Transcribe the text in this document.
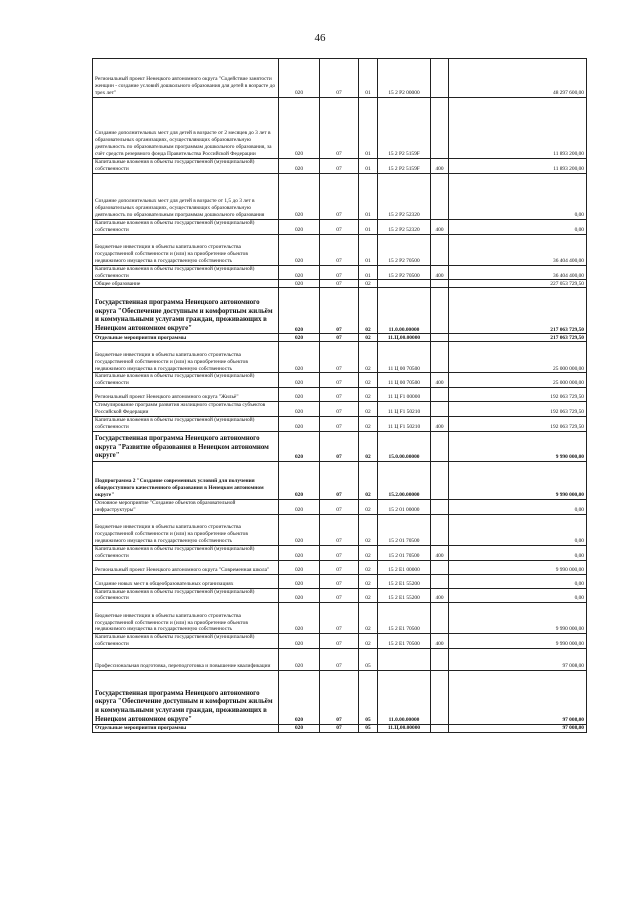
46
Региональный проект Ненецкого автономного округа "Содействие занятости женщин - создание условий дошкольного образования для детей в возрасте до трех лет"	020	07	01	15 2 P2 00000		48 297 600,00
Создание дополнительных мест для детей в возрасте от 2 месяцев до 3 лет в образовательных организациях, осуществляющих образовательную деятельность по образовательным программам дошкольного образования, за счёт средств резервного фонда Правительства Российской Федерации	020	07	01	15 2 P2 5159F		11 893 200,00
Капитальные вложения в объекты государственной (муниципальной) собственности	020	07	01	15 2 P2 5159F	400	11 893 200,00
Создание дополнительных мест для детей в возрасте от 1,5 до 3 лет в образовательных организациях, осуществляющих образовательную деятельность по образовательным программам дошкольного образования	020	07	01	15 2 P2 52320		0,00
Капитальные вложения в объекты государственной (муниципальной) собственности	020	07	01	15 2 P2 52320	400	0,00
Бюджетные инвестиции в объекты капитального строительства государственной собственности и (или) на приобретение объектов недвижимого имущества в государственную собственность	020	07	01	15 2 P2 70500		36 404 400,00
Капитальные вложения в объекты государственной (муниципальной) собственности	020	07	01	15 2 P2 70500	400	36 404 400,00
Общее образование	020	07	02			227 053 729,50
Государственная программа Ненецкого автономного округа "Обеспечение доступным и комфортным жильём и коммунальными услугами граждан, проживающих в Ненецком автономном округе"	020	07	02	11.0.00.00000		217 063 729,50
Отдельные мероприятия программы	020	07	02	11.Ц.00.00000		217 063 729,50
Бюджетные инвестиции в объекты капитального строительства государственной собственности и (или) на приобретение объектов недвижимого имущества в государственную собственность	020	07	02	11 Ц 00 70500		25 000 000,00
Капитальные вложения в объекты государственной (муниципальной) собственности	020	07	02	11 Ц 00 70500	400	25 000 000,00
Региональный проект Ненецкого автономного округа "Жильё"	020	07	02	11 Ц F1 00000		192 063 729,50
Стимулирование программ развития жилищного строительства субъектов Российской Федерации	020	07	02	11 Ц F1 50210		192 063 729,50
Капитальные вложения в объекты государственной (муниципальной) собственности	020	07	02	11 Ц F1 50210	400	192 063 729,50
Государственная программа Ненецкого автономного округа "Развитие образования в Ненецком автономном округе"	020	07	02	15.0.00.00000		9 990 000,00
Подпрограмма 2 "Создание современных условий для получения общедоступного качественного образования в Ненецком автономном округе"	020	07	02	15.2.00.00000		9 990 000,00
Основное мероприятие "Создание объектов образовательной инфраструктуры"	020	07	02	15 2 01 00000		0,00
Бюджетные инвестиции в объекты капитального строительства государственной собственности и (или) на приобретение объектов недвижимого имущества в государственную собственность	020	07	02	15 2 01 70500		0,00
Капитальные вложения в объекты государственной (муниципальной) собственности	020	07	02	15 2 01 70500	400	0,00
Региональный проект Ненецкого автономного округа "Современная школа"	020	07	02	15 2 E1 00000		9 990 000,00
Создание новых мест в общеобразовательных организациях	020	07	02	15 2 E1 55200		0,00
Капитальные вложения в объекты государственной (муниципальной) собственности	020	07	02	15 2 E1 55200	400	0,00
Бюджетные инвестиции в объекты капитального строительства государственной собственности и (или) на приобретение объектов недвижимого имущества в государственную собственность	020	07	02	15 2 E1 70500		9 990 000,00
Капитальные вложения в объекты государственной (муниципальной) собственности	020	07	02	15 2 E1 70500	400	9 990 000,00
Профессиональная подготовка, переподготовка и повышение квалификации	020	07	05			97 008,00
Государственная программа Ненецкого автономного округа "Обеспечение доступным и комфортным жильём и коммунальными услугами граждан, проживающих в Ненецком автономном округе"	020	07	05	11.0.00.00000		97 008,00
Отдельные мероприятия программы	020	07	05	11.Ц.00.00000		97 008,00
